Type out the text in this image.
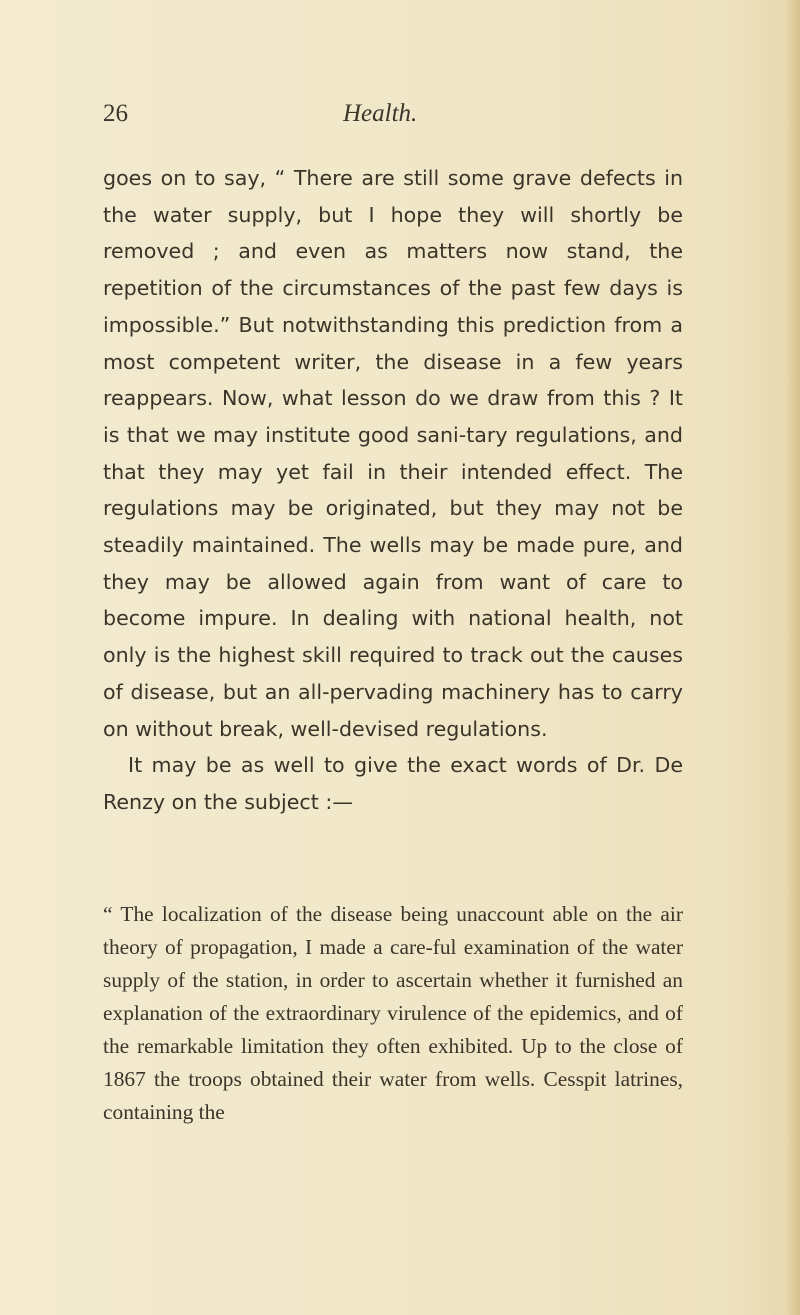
26	Health.

goes on to say, “ There are still some grave defects in the water supply, but I hope they will shortly be removed ; and even as matters now stand, the repetition of the circumstances of the past few days is impossible.” But notwithstanding this prediction from a most competent writer, the disease in a few years reappears. Now, what lesson do we draw from this ? It is that we may institute good sani-tary regulations, and that they may yet fail in their intended effect. The regulations may be originated, but they may not be steadily maintained. The wells may be made pure, and they may be allowed again from want of care to become impure. In dealing with national health, not only is the highest skill required to track out the causes of disease, but an all-pervading machinery has to carry on without break, well-devised regulations.

It may be as well to give the exact words of Dr. De Renzy on the subject :—

“ The localization of the disease being unaccount able on the air theory of propagation, I made a care-ful examination of the water supply of the station, in order to ascertain whether it furnished an explanation of the extraordinary virulence of the epidemics, and of the remarkable limitation they often exhibited. Up to the close of 1867 the troops obtained their water from wells. Cesspit latrines, containing the
